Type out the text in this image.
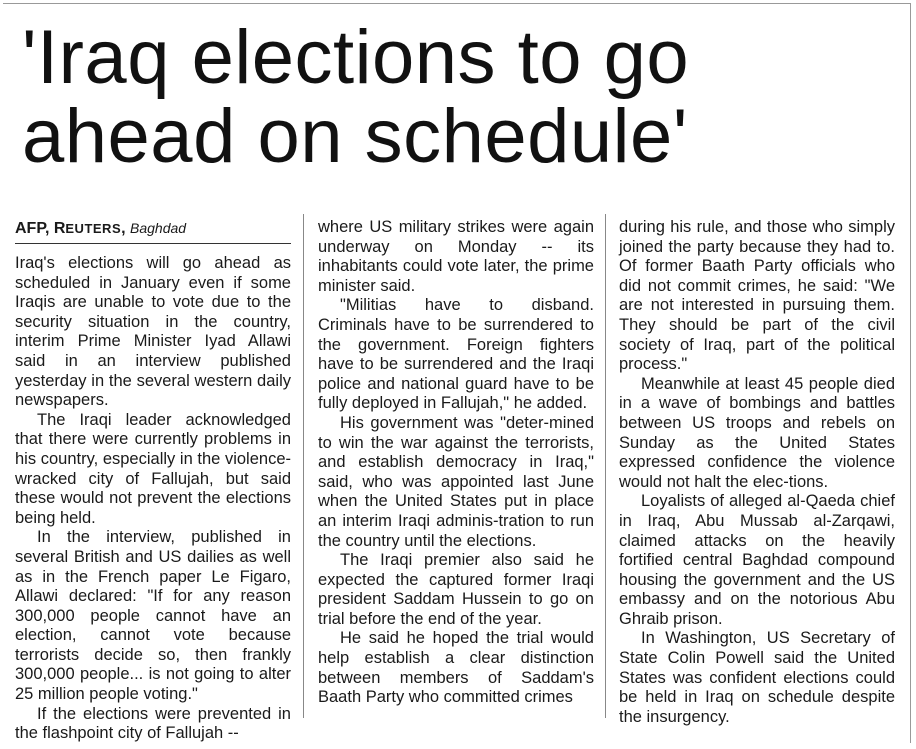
'Iraq elections to go ahead on schedule'
AFP, REUTERS, Baghdad

Iraq's elections will go ahead as scheduled in January even if some Iraqis are unable to vote due to the security situation in the country, interim Prime Minister Iyad Allawi said in an interview published yesterday in the several western daily newspapers.

The Iraqi leader acknowledged that there were currently problems in his country, especially in the violence-wracked city of Fallujah, but said these would not prevent the elections being held.

In the interview, published in several British and US dailies as well as in the French paper Le Figaro, Allawi declared: "If for any reason 300,000 people cannot have an election, cannot vote because terrorists decide so, then frankly 300,000 people... is not going to alter 25 million people voting."

If the elections were prevented in the flashpoint city of Fallujah --

where US military strikes were again underway on Monday -- its inhabitants could vote later, the prime minister said.

"Militias have to disband. Criminals have to be surrendered to the government. Foreign fighters have to be surrendered and the Iraqi police and national guard have to be fully deployed in Fallujah," he added.

His government was "deter-mined to win the war against the terrorists, and establish democracy in Iraq," said, who was appointed last June when the United States put in place an interim Iraqi adminis-tration to run the country until the elections.

The Iraqi premier also said he expected the captured former Iraqi president Saddam Hussein to go on trial before the end of the year.

He said he hoped the trial would help establish a clear distinction between members of Saddam's Baath Party who committed crimes

during his rule, and those who simply joined the party because they had to. Of former Baath Party officials who did not commit crimes, he said: "We are not interested in pursuing them. They should be part of the civil society of Iraq, part of the political process."

Meanwhile at least 45 people died in a wave of bombings and battles between US troops and rebels on Sunday as the United States expressed confidence the violence would not halt the elec-tions.

Loyalists of alleged al-Qaeda chief in Iraq, Abu Mussab al-Zarqawi, claimed attacks on the heavily fortified central Baghdad compound housing the government and the US embassy and on the notorious Abu Ghraib prison.

In Washington, US Secretary of State Colin Powell said the United States was confident elections could be held in Iraq on schedule despite the insurgency.
